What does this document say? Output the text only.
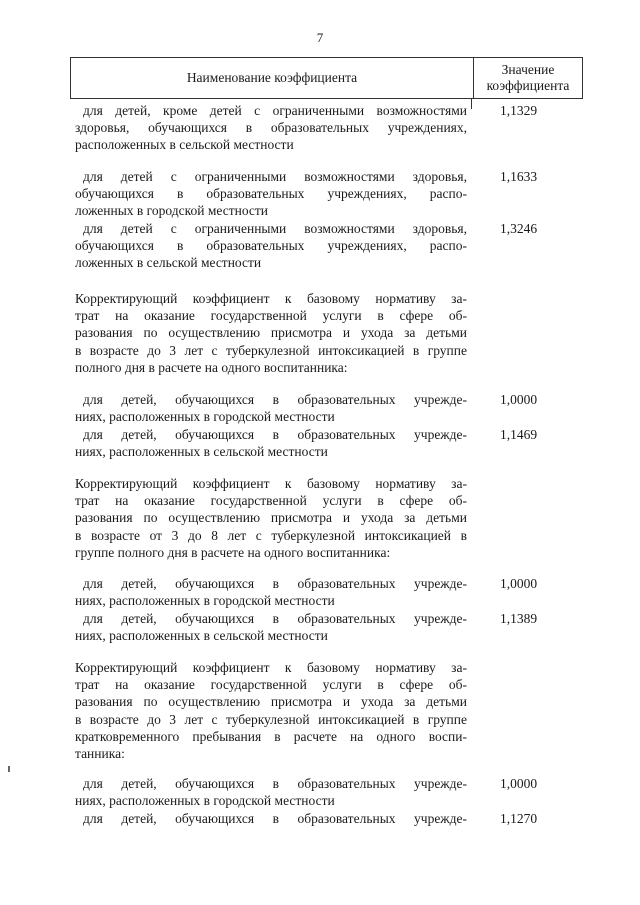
7
Наименование коэффициента
Значение
коэффициента
для детей, кроме детей с ограниченными возможностями
здоровья, обучающихся в образовательных учреждениях,
расположенных в сельской местности
1,1329
для детей с ограниченными возможностями здоровья,
обучающихся в образовательных учреждениях, распо-
ложенных в городской местности
1,1633
для детей с ограниченными возможностями здоровья,
обучающихся в образовательных учреждениях, распо-
ложенных в сельской местности
1,3246
Корректирующий коэффициент к базовому нормативу за-
трат на оказание государственной услуги в сфере об-
разования по осуществлению присмотра и ухода за детьми
в возрасте до 3 лет с туберкулезной интоксикацией в группе
полного дня в расчете на одного воспитанника:
для детей, обучающихся в образовательных учрежде-
ниях, расположенных в городской местности
1,0000
для детей, обучающихся в образовательных учрежде-
ниях, расположенных в сельской местности
1,1469
Корректирующий коэффициент к базовому нормативу за-
трат на оказание государственной услуги в сфере об-
разования по осуществлению присмотра и ухода за детьми
в возрасте от 3 до 8 лет с туберкулезной интоксикацией в
группе полного дня в расчете на одного воспитанника:
для детей, обучающихся в образовательных учрежде-
ниях, расположенных в городской местности
1,0000
для детей, обучающихся в образовательных учрежде-
ниях, расположенных в сельской местности
1,1389
Корректирующий коэффициент к базовому нормативу за-
трат на оказание государственной услуги в сфере об-
разования по осуществлению присмотра и ухода за детьми
в возрасте до 3 лет с туберкулезной интоксикацией в группе
кратковременного пребывания в расчете на одного воспи-
танника:
для детей, обучающихся в образовательных учрежде-
ниях, расположенных в городской местности
1,0000
для детей, обучающихся в образовательных учрежде- 1,1270
